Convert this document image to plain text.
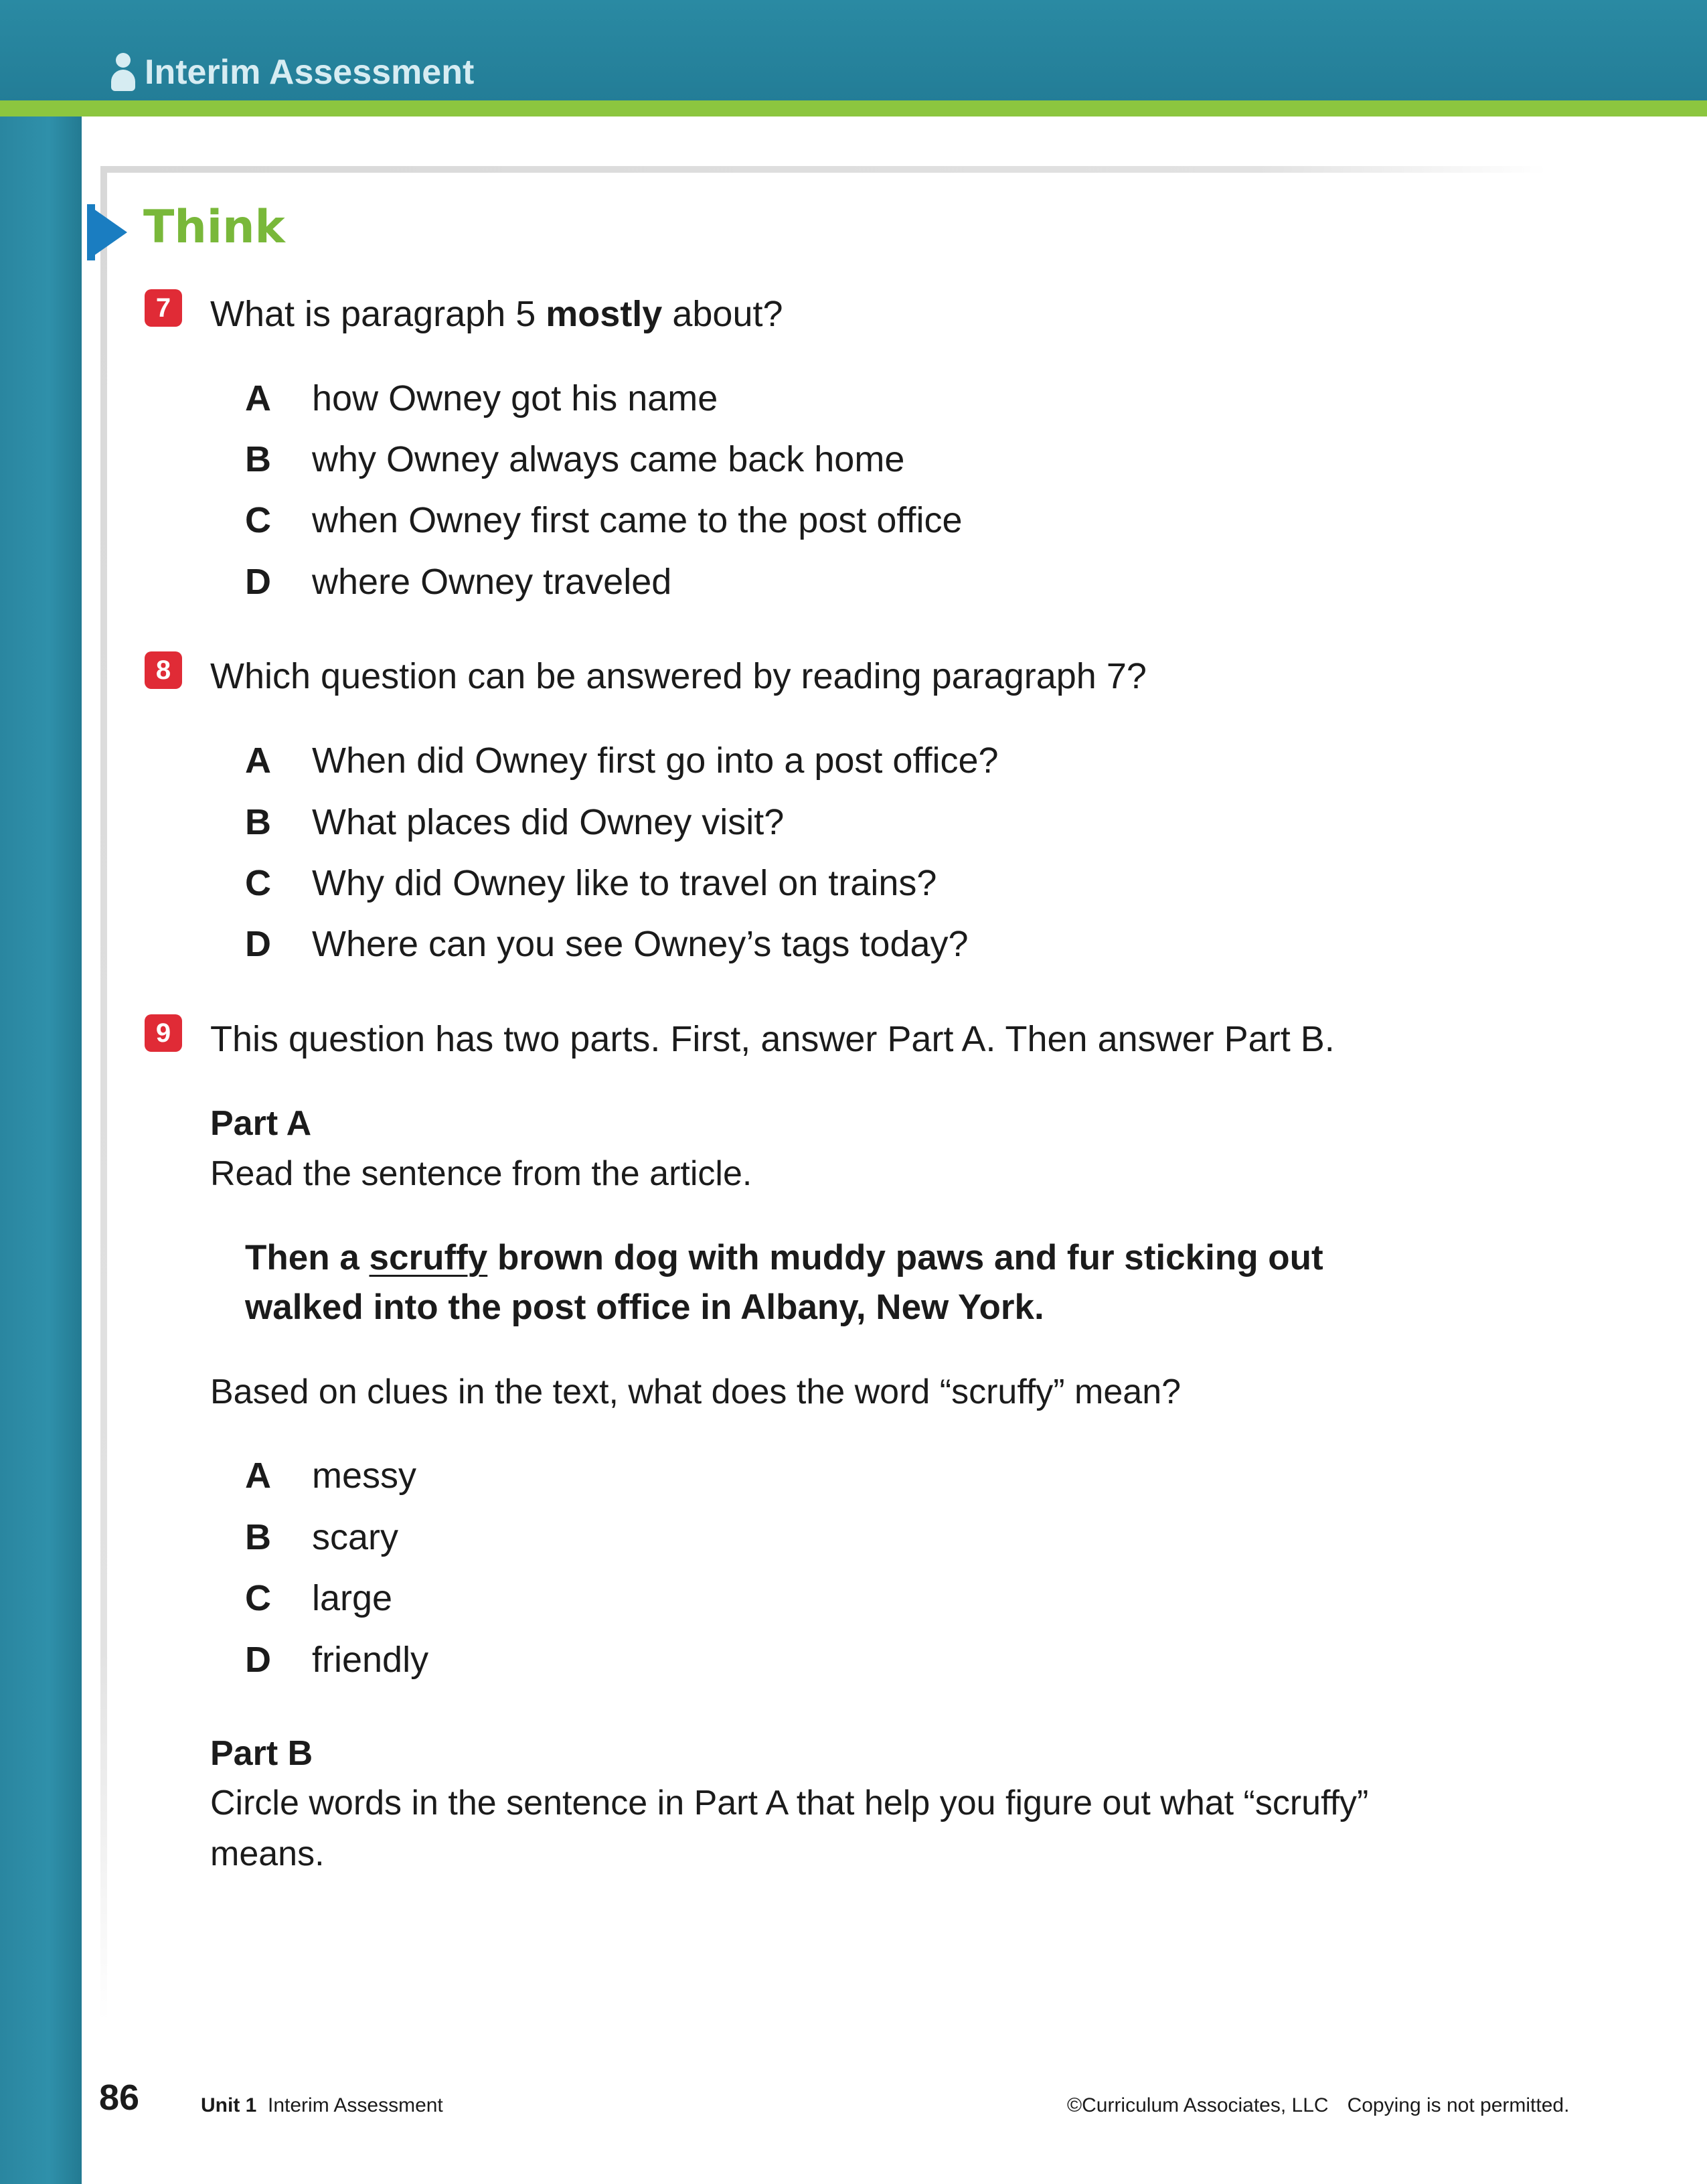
Interim Assessment
Think
7	What is paragraph 5 mostly about?
A how Owney got his name
B why Owney always came back home
C when Owney first came to the post office
D where Owney traveled
8	Which question can be answered by reading paragraph 7?
A When did Owney first go into a post office?
B What places did Owney visit?
C Why did Owney like to travel on trains?
D Where can you see Owney’s tags today?
9	This question has two parts. First, answer Part A. Then answer Part B.
Part A
Read the sentence from the article.
Then a scruffy brown dog with muddy paws and fur sticking out
walked into the post office in Albany, New York.
Based on clues in the text, what does the word “scruffy” mean?
A messy
B scary
C large
D friendly
Part B
Circle words in the sentence in Part A that help you figure out what “scruffy”
means.
86	Unit 1 Interim Assessment	©Curriculum Associates, LLC Copying is not permitted.
